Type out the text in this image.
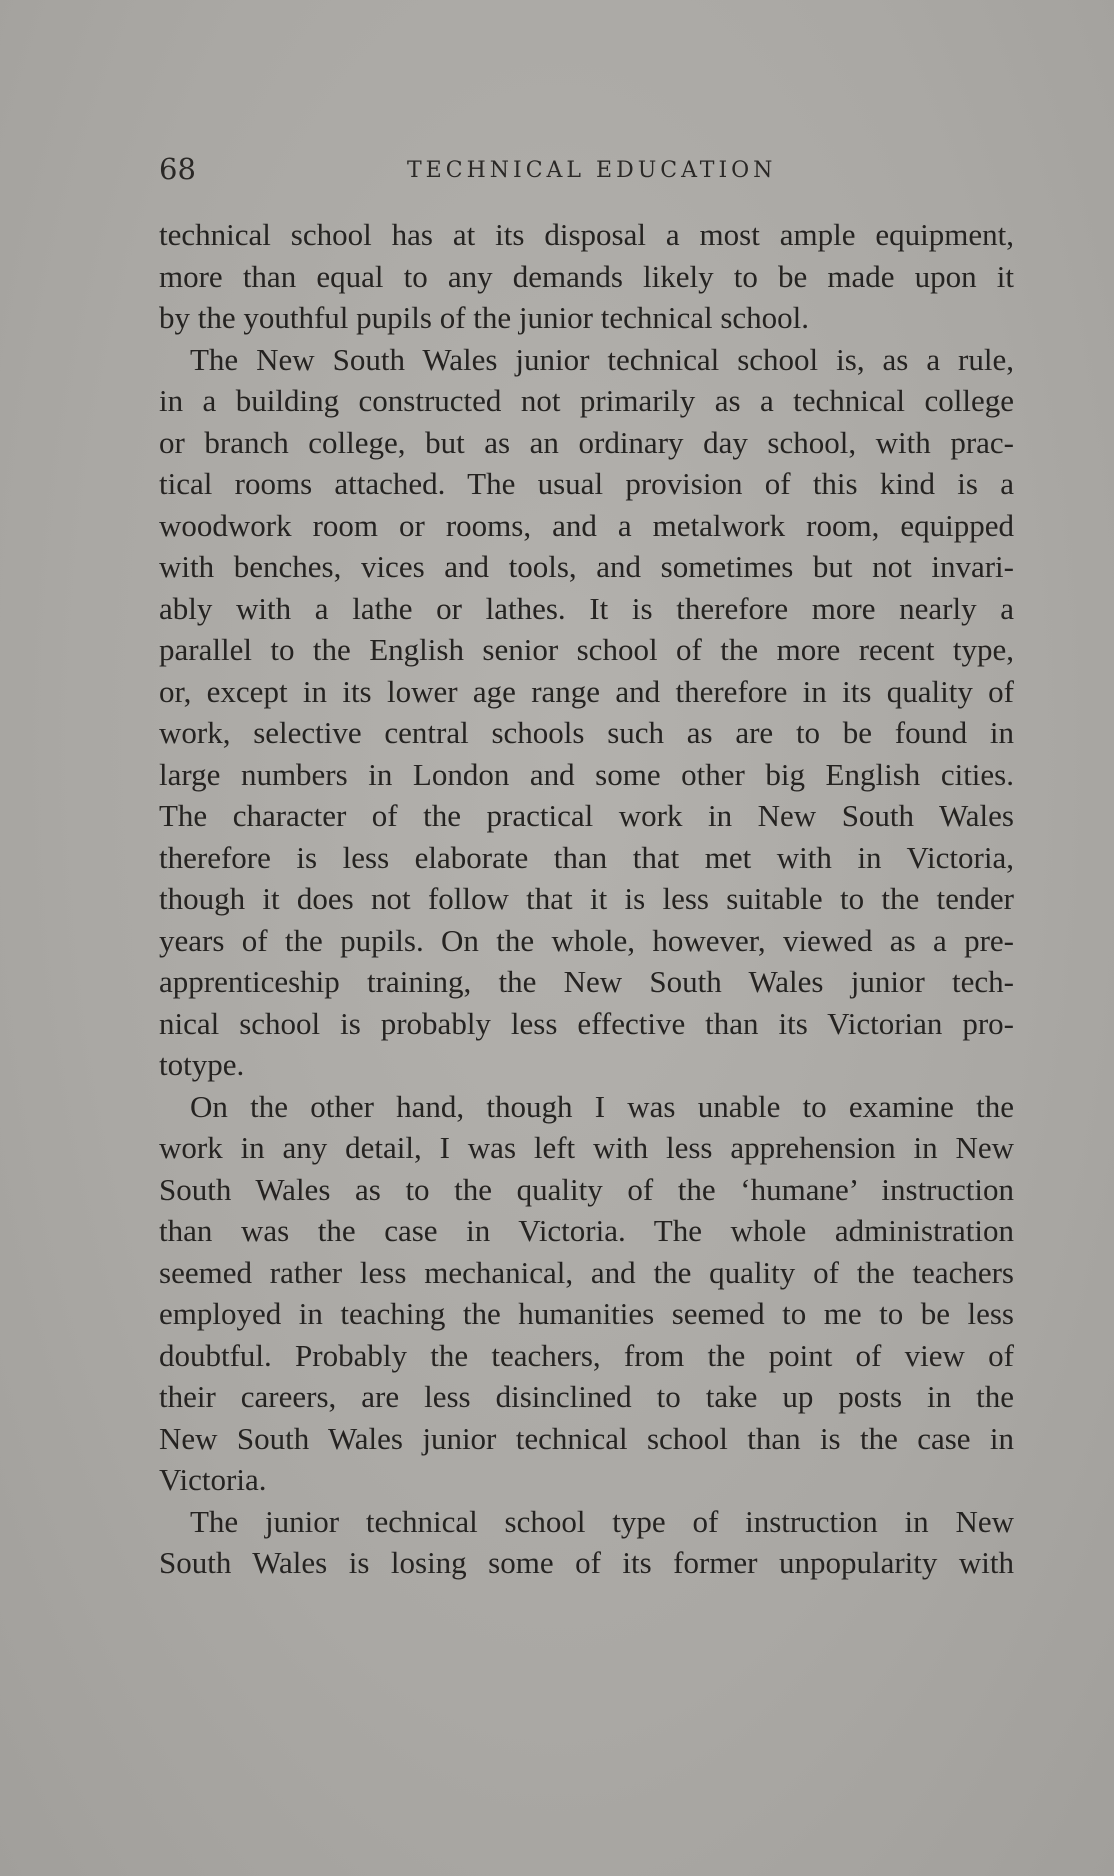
68	TECHNICAL EDUCATION
technical school has at its disposal a most ample equipment,
more than equal to any demands likely to be made upon it
by the youthful pupils of the junior technical school.
The New South Wales junior technical school is, as a rule,
in a building constructed not primarily as a technical college
or branch college, but as an ordinary day school, with prac-
tical rooms attached. The usual provision of this kind is a
woodwork room or rooms, and a metalwork room, equipped
with benches, vices and tools, and sometimes but not invari-
ably with a lathe or lathes. It is therefore more nearly a
parallel to the English senior school of the more recent type,
or, except in its lower age range and therefore in its quality of
work, selective central schools such as are to be found in
large numbers in London and some other big English cities.
The character of the practical work in New South Wales
therefore is less elaborate than that met with in Victoria,
though it does not follow that it is less suitable to the tender
years of the pupils. On the whole, however, viewed as a pre-
apprenticeship training, the New South Wales junior tech-
nical school is probably less effective than its Victorian pro-
totype.
On the other hand, though I was unable to examine the
work in any detail, I was left with less apprehension in New
South Wales as to the quality of the ‘humane’ instruction
than was the case in Victoria. The whole administration
seemed rather less mechanical, and the quality of the teachers
employed in teaching the humanities seemed to me to be less
doubtful. Probably the teachers, from the point of view of
their careers, are less disinclined to take up posts in the
New South Wales junior technical school than is the case in
Victoria.
The junior technical school type of instruction in New
South Wales is losing some of its former unpopularity with
